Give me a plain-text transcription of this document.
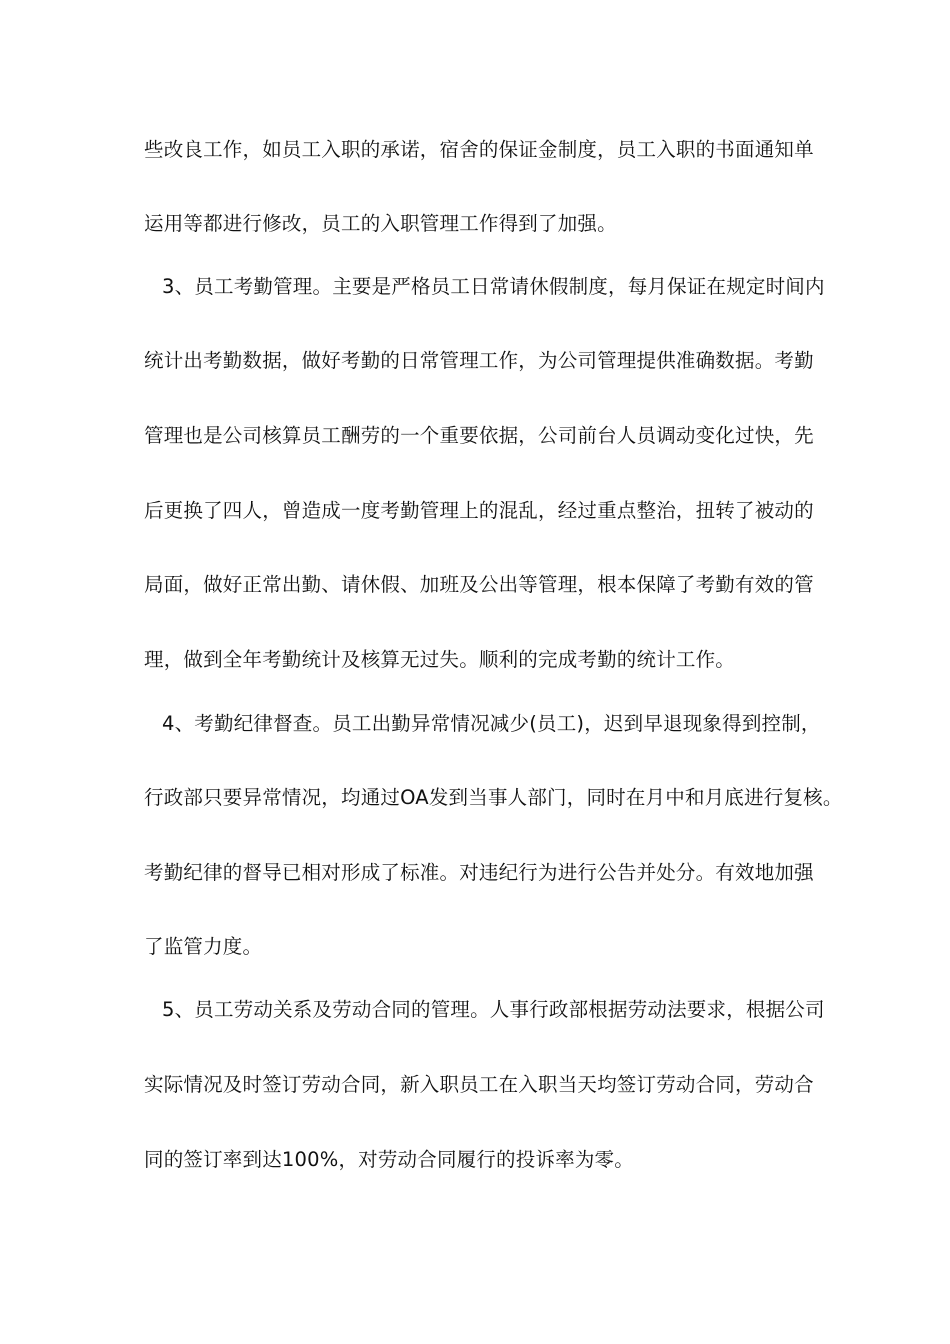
些改良工作，如员工入职的承诺，宿舍的保证金制度，员工入职的书面通知单
运用等都进行修改，员工的入职管理工作得到了加强。
3、员工考勤管理。主要是严格员工日常请休假制度，每月保证在规定时间内
统计出考勤数据，做好考勤的日常管理工作，为公司管理提供准确数据。考勤
管理也是公司核算员工酬劳的一个重要依据，公司前台人员调动变化过快，先
后更换了四人，曾造成一度考勤管理上的混乱，经过重点整治，扭转了被动的
局面，做好正常出勤、请休假、加班及公出等管理，根本保障了考勤有效的管
理，做到全年考勤统计及核算无过失。顺利的完成考勤的统计工作。
4、考勤纪律督查。员工出勤异常情况减少(员工)，迟到早退现象得到控制，
行政部只要异常情况，均通过OA发到当事人部门，同时在月中和月底进行复核。
考勤纪律的督导已相对形成了标准。对违纪行为进行公告并处分。有效地加强
了监管力度。
5、员工劳动关系及劳动合同的管理。人事行政部根据劳动法要求，根据公司
实际情况及时签订劳动合同，新入职员工在入职当天均签订劳动合同，劳动合
同的签订率到达100%，对劳动合同履行的投诉率为零。
